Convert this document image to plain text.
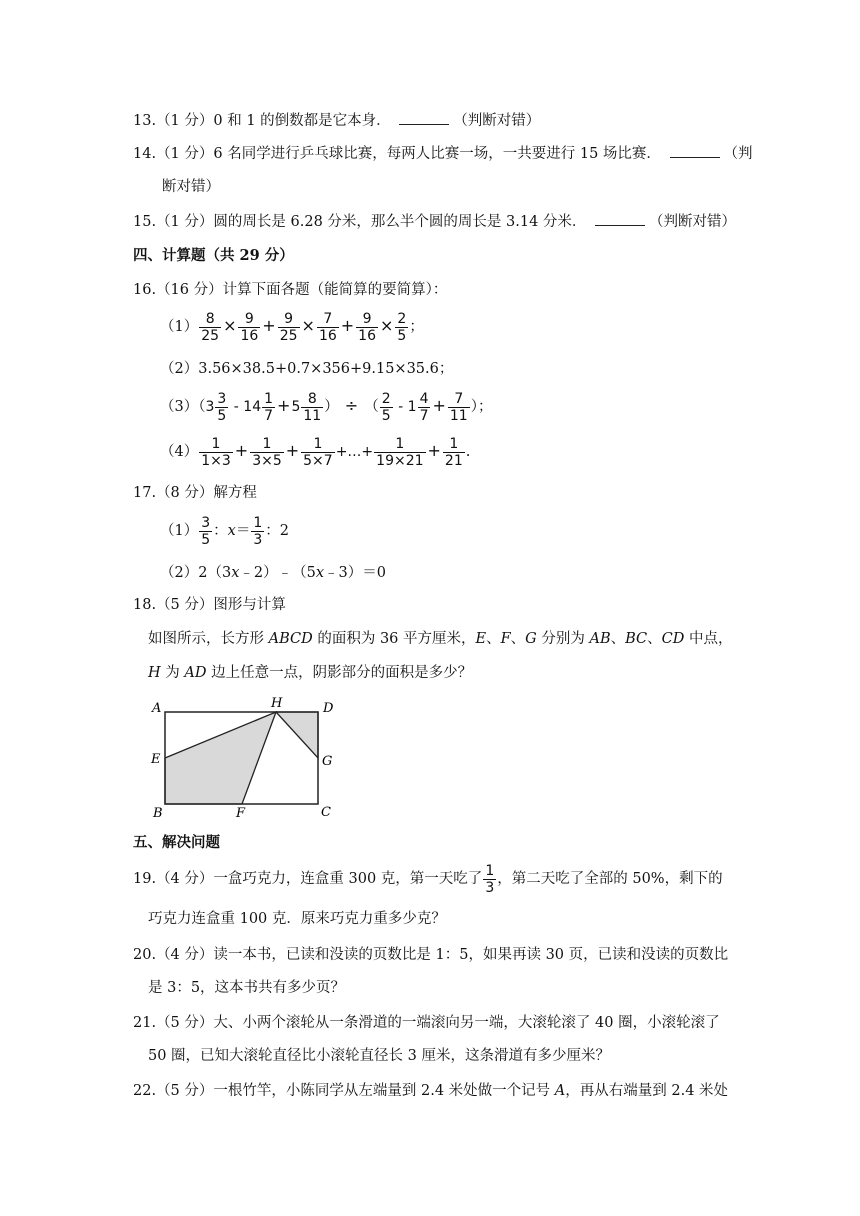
13.（1 分）0 和 1 的倒数都是它本身．	（判断对错）
14.（1 分）6 名同学进行乒乓球比赛，每两人比赛一场，一共要进行 15 场比赛．	（判
断对错）
15.（1 分）圆的周长是 6.28 分米，那么半个圆的周长是 3.14 分米．	（判断对错）
四、计算题（共 29 分）
16.（16 分）计算下面各题（能简算的要简算）：
$(1) \frac{8}{25} \times \frac{9}{16} + \frac{9}{25} \times \frac{7}{16} + \frac{9}{16} \times \frac{2}{5}$ ；
（2）3.56×38.5+0.7×356+9.15×35.6；
$(3)(3 \frac{3}{5} - 14 \frac{1}{7} +5 \frac{8}{11}$ ） ÷ （ $\frac{2}{5} - 1 \frac{4}{7} + \frac{7}{11}$ ）；
$(4) \frac{1}{1\times 3} + \frac{1}{3\times 5} + \frac{1}{5\times 7}$ +…+ $\frac{1}{19\times 21} + \frac{1}{21}$ .
17.（8 分）解方程
$(1) \frac{3}{5}$ ：$x= \frac{1}{3}$ ：2
（2）2（3x﹣2）﹣（5x﹣3）＝0
18.（5 分）图形与计算
如图所示，长方形 ABCD 的面积为 36 平方厘米，E、F、G 分别为 AB、BC、CD 中点，
H 为 AD 边上任意一点，阴影部分的面积是多少？
A	H	D
E	G
B	F	C
五、解决问题
19.（4 分）一盒巧克力，连盒重 300 克，第一天吃了 $\frac{1}{3}$ ，第二天吃了全部的 50%，剩下的
巧克力连盒重 100 克．原来巧克力重多少克？
20.（4 分）读一本书，已读和没读的页数比是 1：5，如果再读 30 页，已读和没读的页数比
是 3：5，这本书共有多少页？
21.（5 分）大、小两个滚轮从一条滑道的一端滚向另一端，大滚轮滚了 40 圈，小滚轮滚了
50 圈，已知大滚轮直径比小滚轮直径长 3 厘米，这条滑道有多少厘米？
22.（5 分）一根竹竿，小陈同学从左端量到 2.4 米处做一个记号 A，再从右端量到 2.4 米处
